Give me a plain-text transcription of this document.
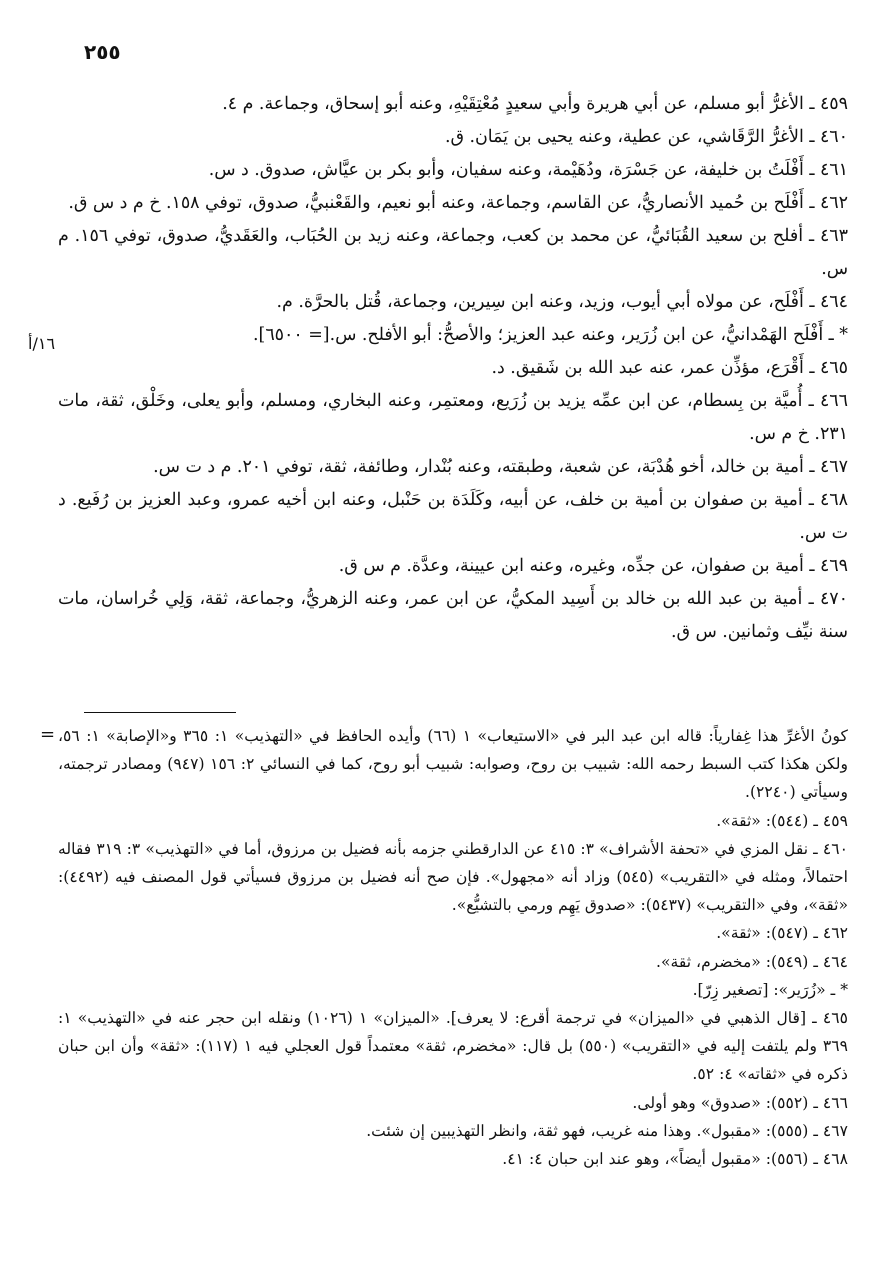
٢٥٥
١٦/أ

٤٥٩ ـ الأغرُّ أبو مسلم، عن أبي هريرة وأبي سعيدٍ مُعْتِقَيْهِ، وعنه أبو إسحاق، وجماعة. م ٤.

٤٦٠ ـ الأغرُّ الرَّقَاشي، عن عطية، وعنه يحيى بن يَمَان. ق.

٤٦١ ـ أَفْلَتُ بن خليفة، عن جَسْرَة، ودُهَيْمة، وعنه سفيان، وأبو بكر بن عيَّاش، صدوق. د س.

٤٦٢ ـ أَفْلَح بن حُميد الأنصاريُّ، عن القاسم، وجماعة، وعنه أبو نعيم، والقَعْنبيُّ، صدوق، توفي ١٥٨. خ م د س ق.

٤٦٣ ـ أفلح بن سعيد القُبَائيُّ، عن محمد بن كعب، وجماعة، وعنه زيد بن الحُبَاب، والعَقَديُّ، صدوق، توفي ١٥٦. م س.

٤٦٤ ـ أَفْلَح، عن مولاه أبي أيوب، وزيد، وعنه ابن سِيرين، وجماعة، قُتل بالحرَّة. م.

* ـ أَفْلَح الهَمْدانيُّ، عن ابن زُرَير، وعنه عبد العزيز؛ والأصحُّ: أبو الأفلح. س.[= ٦٥٠٠].

٤٦٥ ـ أَقْرَع، مؤذِّن عمر، عنه عبد الله بن شَقيق. د.

٤٦٦ ـ أُميَّة بن بِسطام، عن ابن عمِّه يزيد بن زُرَيع، ومعتمِر، وعنه البخاري، ومسلم، وأبو يعلى، وخَلْق، ثقة، مات ٢٣١. خ م س.

٤٦٧ ـ أمية بن خالد، أخو هُدْبَة، عن شعبة، وطبقته، وعنه بُنْدار، وطائفة، ثقة، توفي ٢٠١. م د ت س.

٤٦٨ ـ أمية بن صفوان بن أمية بن خلف، عن أبيه، وكَلَدَة بن حَنْبل، وعنه ابن أخيه عمرو، وعبد العزيز بن رُفَيع. د ت س.

٤٦٩ ـ أمية بن صفوان، عن جدِّه، وغيره، وعنه ابن عيينة، وعدَّة. م س ق.

٤٧٠ ـ أمية بن عبد الله بن خالد بن أَسِيد المكيُّ، عن ابن عمر، وعنه الزهريُّ، وجماعة، ثقة، وَلِي خُراسان، مات سنة نيِّف وثمانين. س ق.

= كونُ الأغرِّ هذا غِفارياً: قاله ابن عبد البر في «الاستيعاب» ١ (٦٦) وأيده الحافظ في «التهذيب» ١: ٣٦٥ و«الإصابة» ١: ٥٦، ولكن هكذا كتب السبط رحمه الله: شبيب بن روح، وصوابه: شبيب أبو روح، كما في النسائي ٢: ١٥٦ (٩٤٧) ومصادر ترجمته، وسيأتي (٢٢٤٠).

٤٥٩ ـ (٥٤٤): «ثقة».

٤٦٠ ـ نقل المزي في «تحفة الأشراف» ٣: ٤١٥ عن الدارقطني جزمه بأنه فضيل بن مرزوق، أما في «التهذيب» ٣: ٣١٩ فقاله احتمالاً، ومثله في «التقريب» (٥٤٥) وزاد أنه «مجهول». فإن صح أنه فضيل بن مرزوق فسيأتي قول المصنف فيه (٤٤٩٢): «ثقة»، وفي «التقريب» (٥٤٣٧): «صدوق يَهِم ورمي بالتشيُّع».

٤٦٢ ـ (٥٤٧): «ثقة».

٤٦٤ ـ (٥٤٩): «مخضرم، ثقة».

* ـ «زُرَير»: [تصغير زِرّ].

٤٦٥ ـ [قال الذهبي في «الميزان» في ترجمة أقرع: لا يعرف]. «الميزان» ١ (١٠٢٦) ونقله ابن حجر عنه في «التهذيب» ١: ٣٦٩ ولم يلتفت إليه في «التقريب» (٥٥٠) بل قال: «مخضرم، ثقة» معتمداً قول العجلي فيه ١ (١١٧): «ثقة» وأن ابن حبان ذكره في «ثقاته» ٤: ٥٢.

٤٦٦ ـ (٥٥٢): «صدوق» وهو أولى.

٤٦٧ ـ (٥٥٥): «مقبول». وهذا منه غريب، فهو ثقة، وانظر التهذيبين إن شئت.

٤٦٨ ـ (٥٥٦): «مقبول أيضاً»، وهو عند ابن حبان ٤: ٤١.
